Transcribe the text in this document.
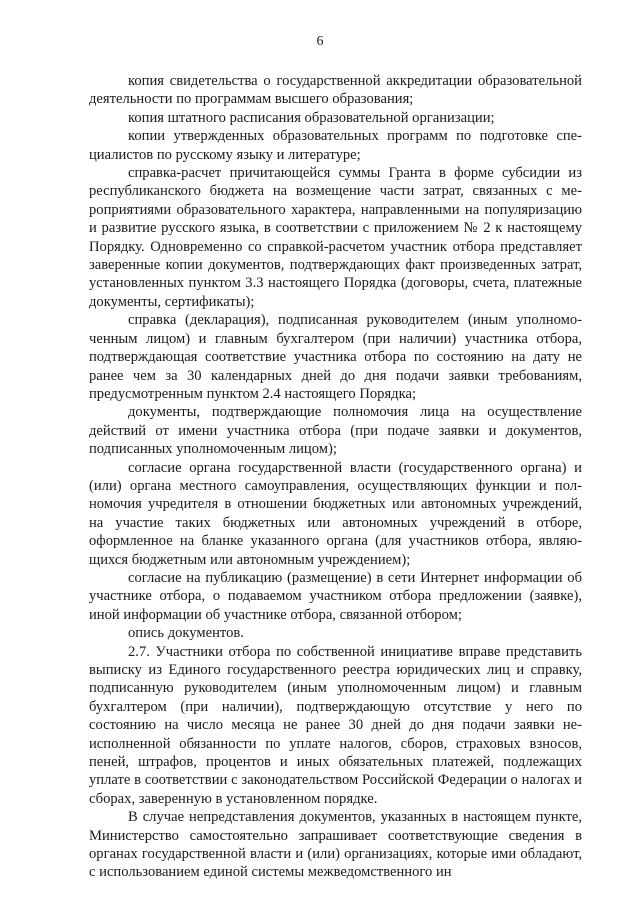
6

копия свидетельства о государственной аккредитации образовательной деятельности по программам высшего образования;

копия штатного расписания образовательной организации;

копии утвержденных образовательных программ по подготовке специалистов по русскому языку и литературе;

справка-расчет причитающейся суммы Гранта в форме субсидии из республиканского бюджета на возмещение части затрат, связанных с мероприятиями образовательного характера, направленными на популяризацию и развитие русского языка, в соответствии с приложением № 2 к настоящему Порядку. Одновременно со справкой-расчетом участник отбора представляет заверенные копии документов, подтверждающих факт произведенных затрат, установленных пунктом 3.3 настоящего Порядка (договоры, счета, платежные документы, сертификаты);

справка (декларация), подписанная руководителем (иным уполномоченным лицом) и главным бухгалтером (при наличии) участника отбора, подтверждающая соответствие участника отбора по состоянию на дату не ранее чем за 30 календарных дней до дня подачи заявки требованиям, предусмотренным пунктом 2.4 настоящего Порядка;

документы, подтверждающие полномочия лица на осуществление действий от имени участника отбора (при подаче заявки и документов, подписанных уполномоченным лицом);

согласие органа государственной власти (государственного органа) и (или) органа местного самоуправления, осуществляющих функции и полномочия учредителя в отношении бюджетных или автономных учреждений, на участие таких бюджетных или автономных учреждений в отборе, оформленное на бланке указанного органа (для участников отбора, являющихся бюджетным или автономным учреждением);

согласие на публикацию (размещение) в сети Интернет информации об участнике отбора, о подаваемом участником отбора предложении (заявке), иной информации об участнике отбора, связанной отбором;

опись документов.

2.7. Участники отбора по собственной инициативе вправе представить выписку из Единого государственного реестра юридических лиц и справку, подписанную руководителем (иным уполномоченным лицом) и главным бухгалтером (при наличии), подтверждающую отсутствие у него по состоянию на число месяца не ранее 30 дней до дня подачи заявки неисполненной обязанности по уплате налогов, сборов, страховых взносов, пеней, штрафов, процентов и иных обязательных платежей, подлежащих уплате в соответствии с законодательством Российской Федерации о налогах и сборах, заверенную в установленном порядке.

В случае непредставления документов, указанных в настоящем пункте, Министерство самостоятельно запрашивает соответствующие сведения в органах государственной власти и (или) организациях, которые ими обладают, с использованием единой системы межведомственного ин
